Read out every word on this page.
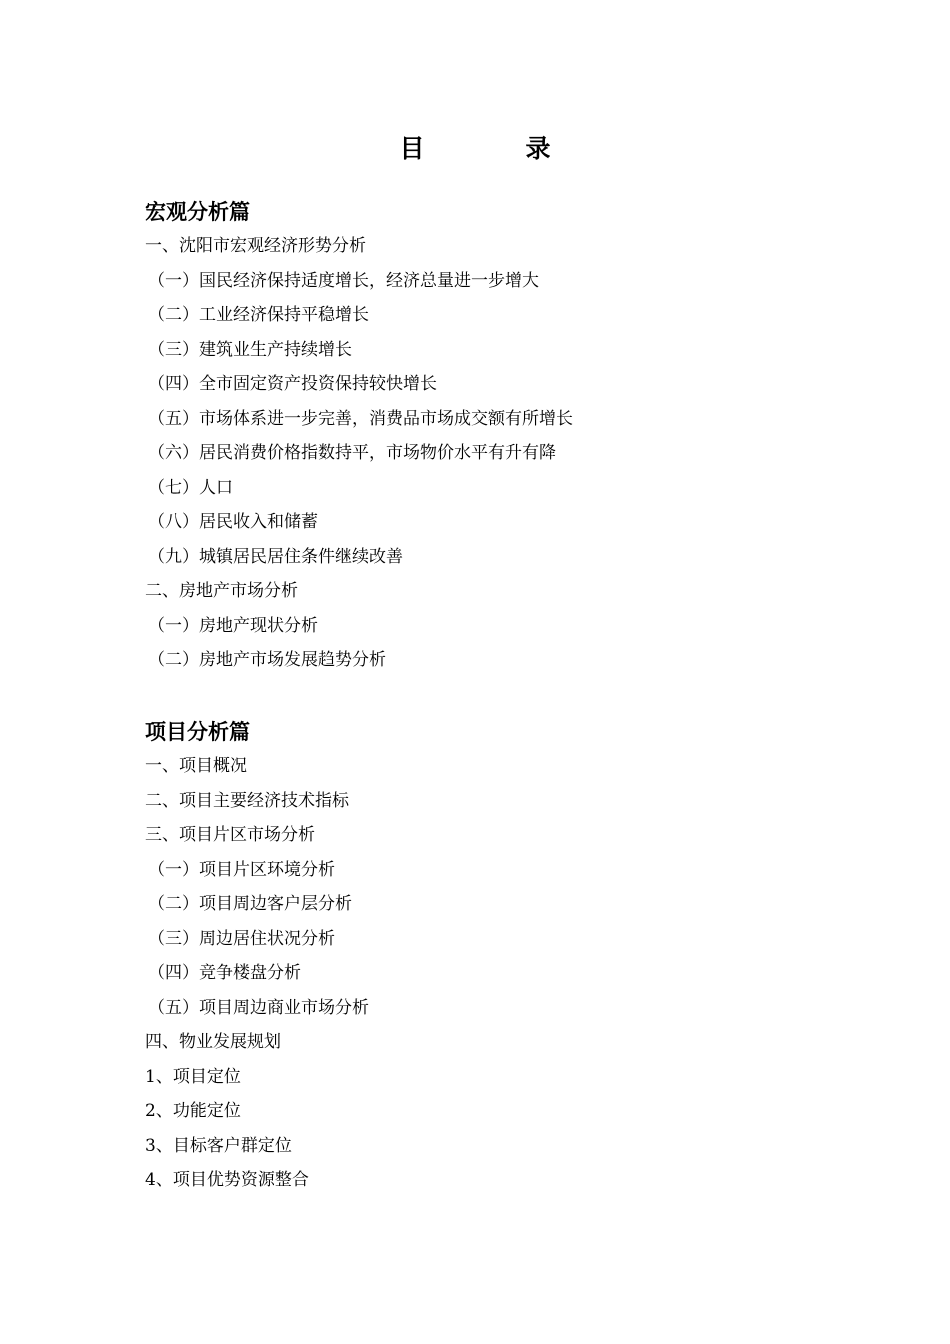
目　录
宏观分析篇
一、沈阳市宏观经济形势分析
（一）国民经济保持适度增长，经济总量进一步增大
（二）工业经济保持平稳增长
（三）建筑业生产持续增长
（四）全市固定资产投资保持较快增长
（五）市场体系进一步完善，消费品市场成交额有所增长
（六）居民消费价格指数持平，市场物价水平有升有降
（七）人口
（八）居民收入和储蓄
（九）城镇居民居住条件继续改善
二、房地产市场分析
（一）房地产现状分析
（二）房地产市场发展趋势分析
项目分析篇
一、项目概况
二、项目主要经济技术指标
三、项目片区市场分析
（一）项目片区环境分析
（二）项目周边客户层分析
（三）周边居住状况分析
（四）竞争楼盘分析
（五）项目周边商业市场分析
四、物业发展规划
1、项目定位
2、功能定位
3、目标客户群定位
4、项目优势资源整合
